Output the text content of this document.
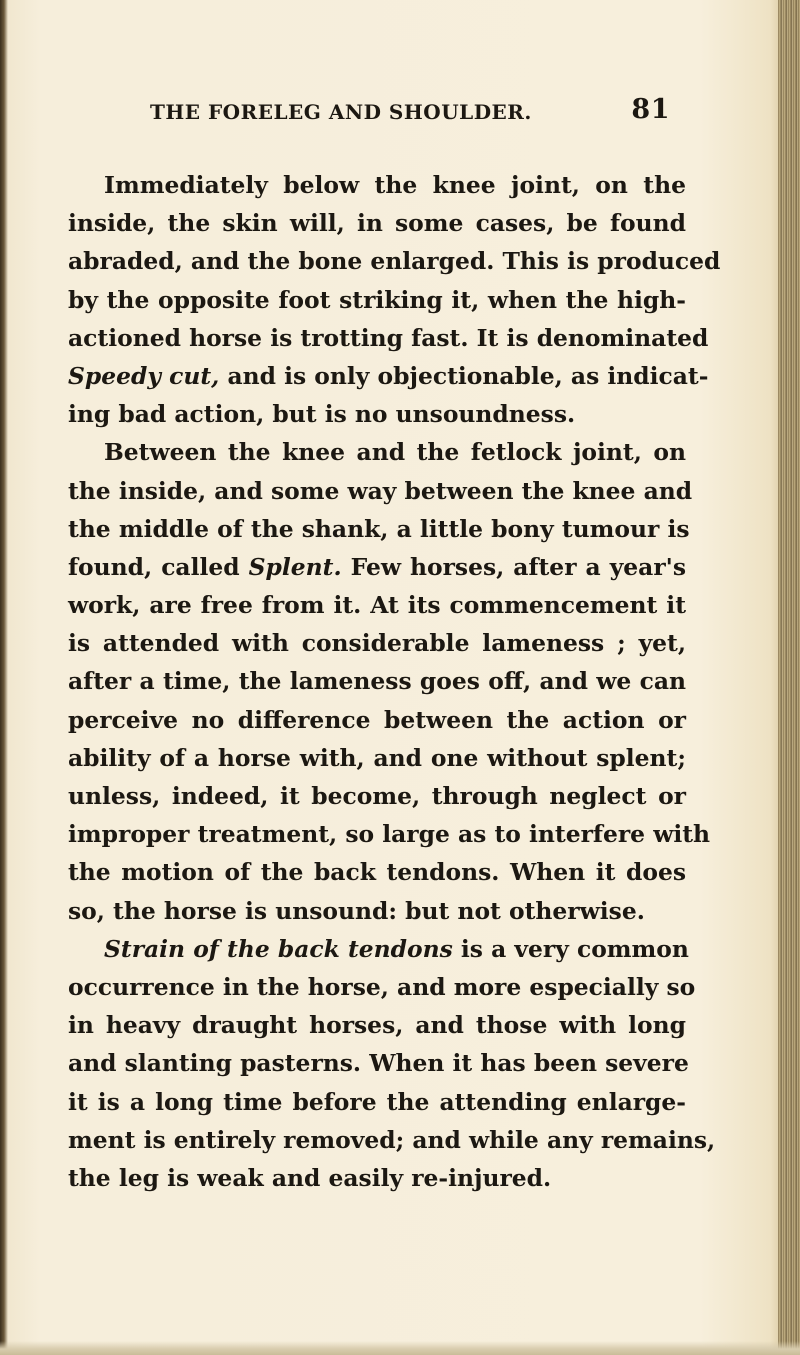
THE FORELEG AND SHOULDER.	81
Immediately below the knee joint, on the
inside, the skin will, in some cases, be found
abraded, and the bone enlarged. This is produced
by the opposite foot striking it, when the high-
actioned horse is trotting fast. It is denominated
Speedy cut, and is only objectionable, as indicat-
ing bad action, but is no unsoundness.
Between the knee and the fetlock joint, on
the inside, and some way between the knee and
the middle of the shank, a little bony tumour is
found, called Splent. Few horses, after a year's
work, are free from it. At its commencement it
is attended with considerable lameness ; yet,
after a time, the lameness goes off, and we can
perceive no difference between the action or
ability of a horse with, and one without splent;
unless, indeed, it become, through neglect or
improper treatment, so large as to interfere with
the motion of the back tendons. When it does
so, the horse is unsound: but not otherwise.
Strain of the back tendons is a very common
occurrence in the horse, and more especially so
in heavy draught horses, and those with long
and slanting pasterns. When it has been severe
it is a long time before the attending enlarge-
ment is entirely removed; and while any remains,
the leg is weak and easily re-injured.
